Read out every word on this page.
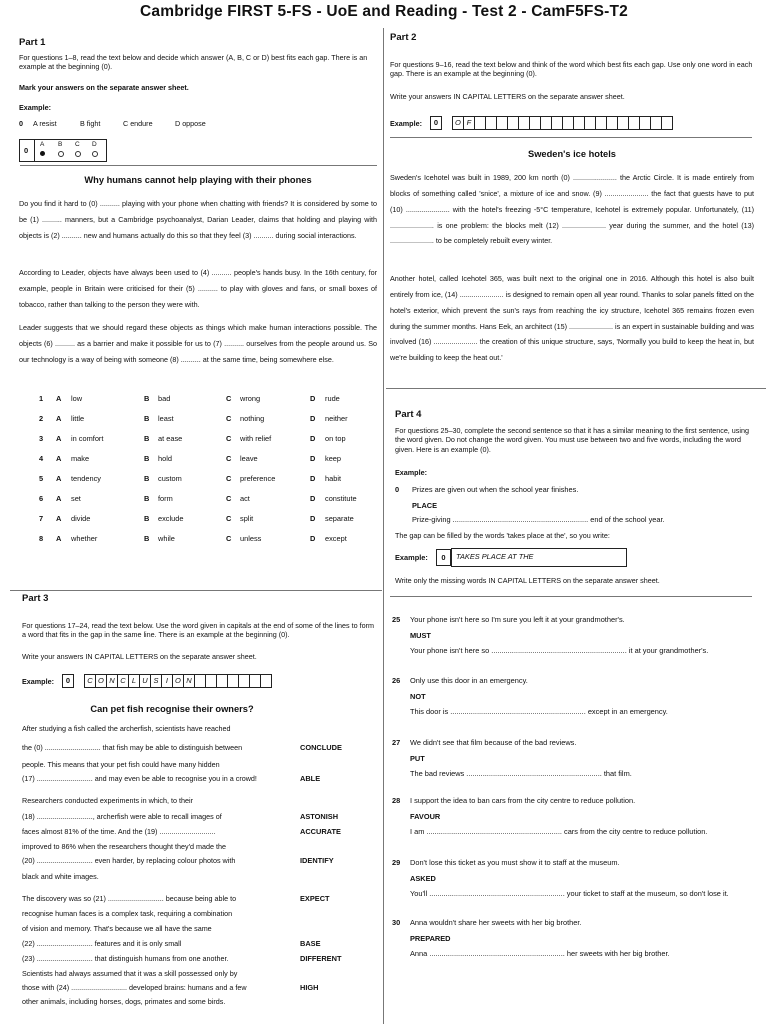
Cambridge FIRST 5-FS - UoE and Reading - Test 2 - CamF5FS-T2
Part 1

For questions 1–8, read the text below and decide which answer (A, B, C or D) best fits each gap. There is an example at the beginning (0).

Mark your answers on the separate answer sheet.
Example:
0 A resist	B fight	C endure	D oppose
0
A B C D
Why humans cannot help playing with their phones

Do you find it hard to (0) .......... playing with your phone when chatting with friends? It is considered by some to be (1) .......... manners, but a Cambridge psychoanalyst, Darian Leader, claims that holding and playing with objects is (2) .......... new and humans actually do this so that they feel (3) .......... during social interactions.

According to Leader, objects have always been used to (4) .......... people's hands busy. In the 16th century, for example, people in Britain were criticised for their (5) .......... to play with gloves and fans, or small boxes of tobacco, rather than talking to the person they were with.

Leader suggests that we should regard these objects as things which make human interactions possible. The objects (6) .......... as a barrier and make it possible for us to (7) .......... ourselves from the people around us. So our technology is a way of being with someone (8) .......... at the same time, being somewhere else.

1 A low	B bad	C wrong	D rude
2 A little	B least	C nothing	D neither
3 A in comfort	B at ease	C with relief	D on top
4 A make	B hold	C leave	D keep
5 A tendency	B custom	C preference	D habit
6 A set	B form	C act	D constitute
7 A divide	B exclude	C split	D separate
8 A whether	B while	C unless	D except
Part 3

For questions 17–24, read the text below. Use the word given in capitals at the end of some of the lines to form a word that fits in the gap in the same line. There is an example at the beginning (0).

Write your answers IN CAPITAL LETTERS on the separate answer sheet.
Example: 0 C O N C L U S I O N
Can pet fish recognise their owners?
After studying a fish called the archerfish, scientists have reached
the (0) ............................ that fish may be able to distinguish between	CONCLUDE
people. This means that your pet fish could have many hidden
(17) ............................ and may even be able to recognise you in a crowd!	ABLE
Researchers conducted experiments in which, to their
(18) ............................, archerfish were able to recall images of	ASTONISH
faces almost 81% of the time. And the (19) ............................	ACCURATE
improved to 86% when the researchers thought they'd made the
(20) ............................ even harder, by replacing colour photos with	IDENTIFY
black and white images.
The discovery was so (21) ............................ because being able to	EXPECT
recognise human faces is a complex task, requiring a combination
of vision and memory. That's because we all have the same
(22) ............................ features and it is only small	BASE
(23) ............................ that distinguish humans from one another.	DIFFERENT
Scientists had always assumed that it was a skill possessed only by
those with (24) ............................ developed brains: humans and a few	HIGH
other animals, including horses, dogs, primates and some birds.
Part 2

For questions 9–16, read the text below and think of the word which best fits each gap. Use only one word in each gap. There is an example at the beginning (0).

Write your answers IN CAPITAL LETTERS on the separate answer sheet.
Example: 0 O F
Sweden's ice hotels

Sweden's Icehotel was built in 1989, 200 km north (0) ...................... the Arctic Circle. It is made entirely from blocks of something called 'snice', a mixture of ice and snow. (9) ...................... the fact that guests have to put (10) ...................... with the hotel's freezing -5°C temperature, Icehotel is extremely popular. Unfortunately, (11) ...................... is one problem: the blocks melt (12) ...................... year during the summer, and the hotel (13) ...................... to be completely rebuilt every winter.

Another hotel, called Icehotel 365, was built next to the original one in 2016. Although this hotel is also built entirely from ice, (14) ...................... is designed to remain open all year round. Thanks to solar panels fitted on the hotel's exterior, which prevent the sun's rays from reaching the icy structure, Icehotel 365 remains frozen even during the summer months. Hans Eek, an architect (15) ...................... is an expert in sustainable building and was involved (16) ...................... the creation of this unique structure, says, 'Normally you build to keep the heat in, but we're building to keep the heat out.'

Part 4

For questions 25–30, complete the second sentence so that it has a similar meaning to the first sentence, using the word given. Do not change the word given. You must use between two and five words, including the word given. Here is an example (0).

Example:
0 Prizes are given out when the school year finishes.
PLACE
Prize-giving .................................................................. end of the school year.
The gap can be filled by the words 'takes place at the', so you write:
Example: 0 TAKES PLACE AT THE
Write only the missing words IN CAPITAL LETTERS on the separate answer sheet.
25 Your phone isn't here so I'm sure you left it at your grandmother's.
MUST
Your phone isn't here so .................................................................. it at your grandmother's.
26 Only use this door in an emergency.
NOT
This door is .................................................................. except in an emergency.
27 We didn't see that film because of the bad reviews.
PUT
The bad reviews .................................................................. that film.
28 I support the idea to ban cars from the city centre to reduce pollution.
FAVOUR
I am .................................................................. cars from the city centre to reduce pollution.
29 Don't lose this ticket as you must show it to staff at the museum.
ASKED
You'll .................................................................. your ticket to staff at the museum, so don't lose it.
30 Anna wouldn't share her sweets with her big brother.
PREPARED
Anna .................................................................. her sweets with her big brother.
